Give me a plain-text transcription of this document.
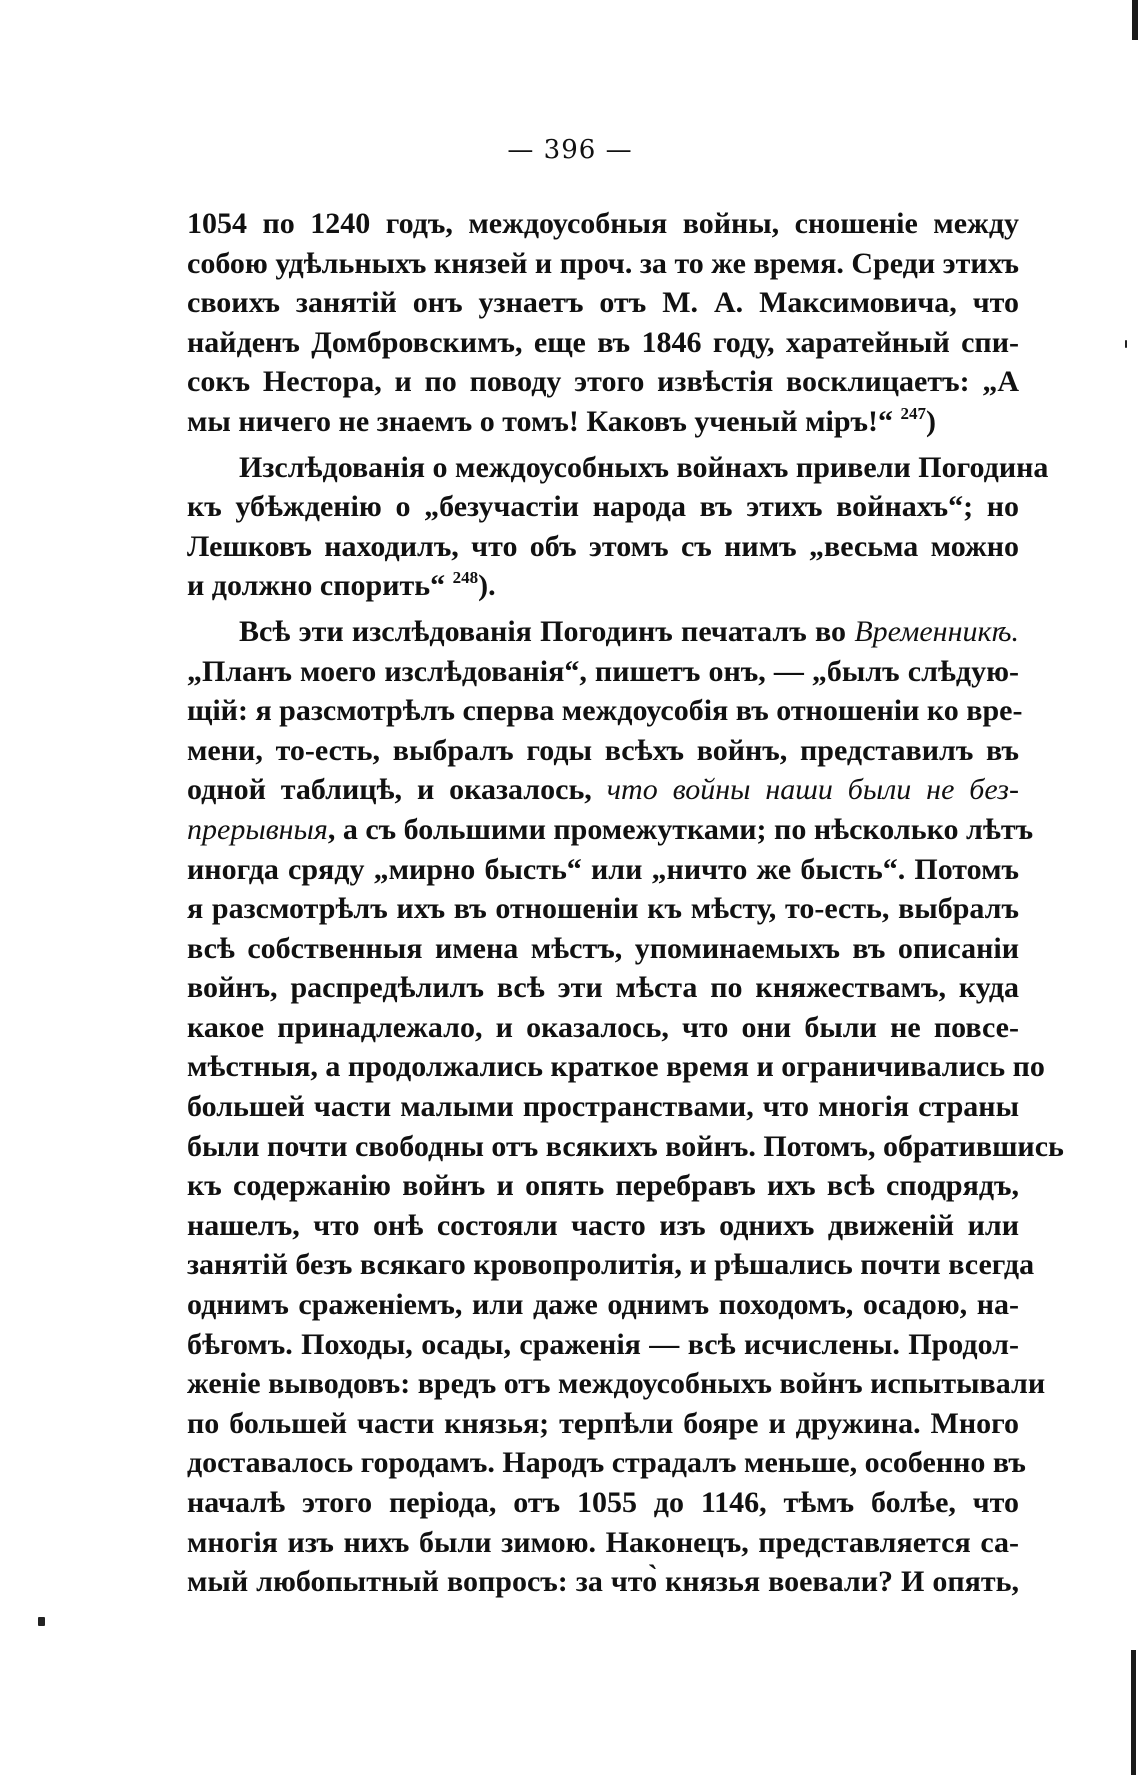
— 396 —
1054 по 1240 годъ, междоусобныя войны, сношеніе между
собою удѣльныхъ князей и проч. за то же время. Среди этихъ
своихъ занятій онъ узнаетъ отъ М. А. Максимовича, что
найденъ Домбровскимъ, еще въ 1846 году, харатейный спи-
сокъ Нестора, и по поводу этого извѣстія восклицаетъ: „А
мы ничего не знаемъ о томъ! Каковъ ученый міръ!“ $^{247}$)
Изслѣдованія о междоусобныхъ войнахъ привели Погодина
къ убѣжденію о „безучастіи народа въ этихъ войнахъ“; но
Лешковъ находилъ, что объ этомъ съ нимъ „весьма можно
и должно спорить“ $^{248}$).
Всѣ эти изслѣдованія Погодинъ печаталъ во Временникѣ.
„Планъ моего изслѣдованія“, пишетъ онъ, — „былъ слѣдую-
щій: я разсмотрѣлъ сперва междоусобія въ отношеніи ко вре-
мени, то-есть, выбралъ годы всѣхъ войнъ, представилъ въ
одной таблицѣ, и оказалось, что войны наши были не без-
прерывныя, а съ большими промежутками; по нѣсколько лѣтъ
иногда сряду „мирно бысть“ или „ничто же бысть“. Потомъ
я разсмотрѣлъ ихъ въ отношеніи къ мѣсту, то-есть, выбралъ
всѣ собственныя имена мѣстъ, упоминаемыхъ въ описаніи
войнъ, распредѣлилъ всѣ эти мѣста по княжествамъ, куда
какое принадлежало, и оказалось, что они были не повсе-
мѣстныя, а продолжались краткое время и ограничивались по
большей части малыми пространствами, что многія страны
были почти свободны отъ всякихъ войнъ. Потомъ, обратившись
къ содержанію войнъ и опять перебравъ ихъ всѣ сподрядъ,
нашелъ, что онѣ состояли часто изъ однихъ движеній или
занятій безъ всякаго кровопролитія, и рѣшались почти всегда
однимъ сраженіемъ, или даже однимъ походомъ, осадою, на-
бѣгомъ. Походы, осады, сраженія — всѣ исчислены. Продол-
женіе выводовъ: вредъ отъ междоусобныхъ войнъ испытывали
по большей части князья; терпѣли бояре и дружина. Много
доставалось городамъ. Народъ страдалъ меньше, особенно въ
началѣ этого періода, отъ 1055 до 1146, тѣмъ болѣе, что
многія изъ нихъ были зимою. Наконецъ, представляется са-
мый любопытный вопросъ: за что̀ князья воевали? И опять,
